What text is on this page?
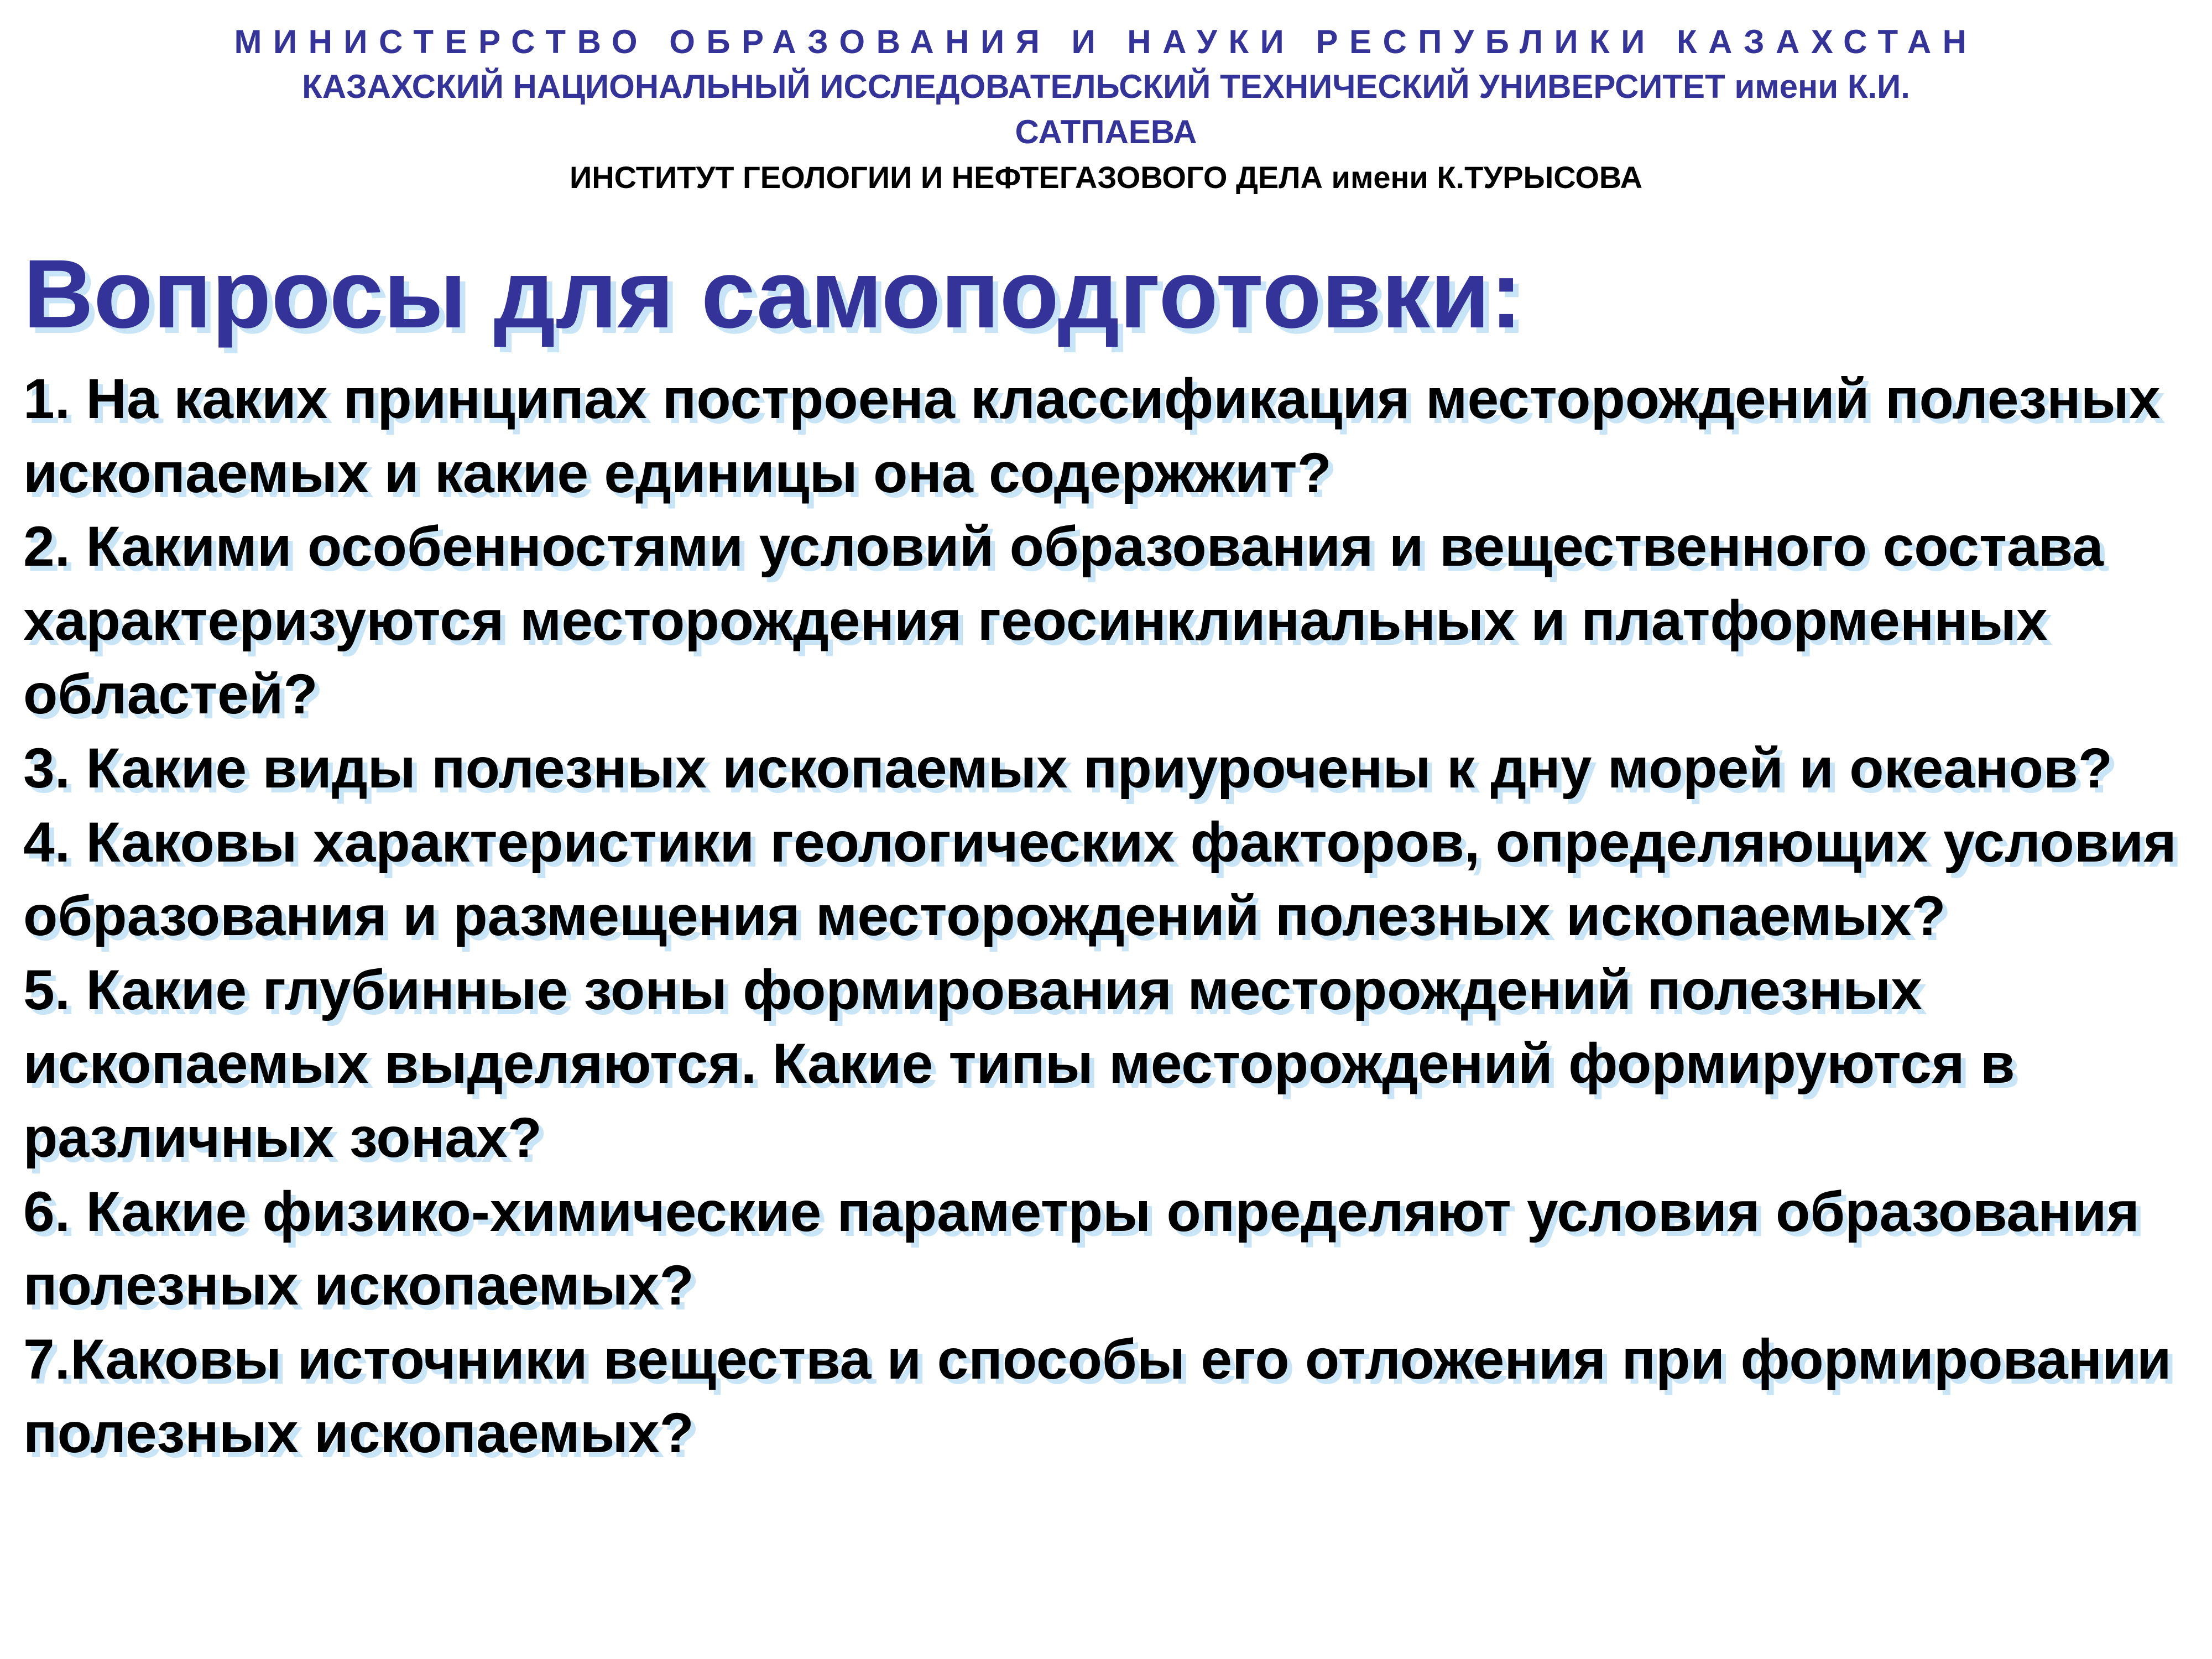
МИНИСТЕРСТВО ОБРАЗОВАНИЯ И НАУКИ РЕСПУБЛИКИ КАЗАХСТАН
КАЗАХСКИЙ НАЦИОНАЛЬНЫЙ ИССЛЕДОВАТЕЛЬСКИЙ ТЕХНИЧЕСКИЙ УНИВЕРСИТЕТ имени К.И. САТПАЕВА
ИНСТИТУТ ГЕОЛОГИИ И НЕФТЕГАЗОВОГО ДЕЛА имени К.ТУРЫСОВА
Вопросы для самоподготовки:
1. На каких принципах построена классификация месторождений полезных ископаемых и какие единицы она содержжит?
2. Какими особенностями условий образования и вещественного состава характеризуются месторождения геосинклинальных и платформенных областей?
3. Какие виды полезных ископаемых приурочены к дну морей и океанов?
4. Каковы характеристики геологических факторов, определяющих условия образования и размещения месторождений полезных ископаемых?
5. Какие глубинные зоны формирования месторождений полезных ископаемых выделяются. Какие типы месторождений формируются в различных зонах?
6. Какие физико-химические параметры определяют условия образования полезных ископаемых?
7.Каковы источники вещества и способы его отложения при формировании полезных ископаемых?
